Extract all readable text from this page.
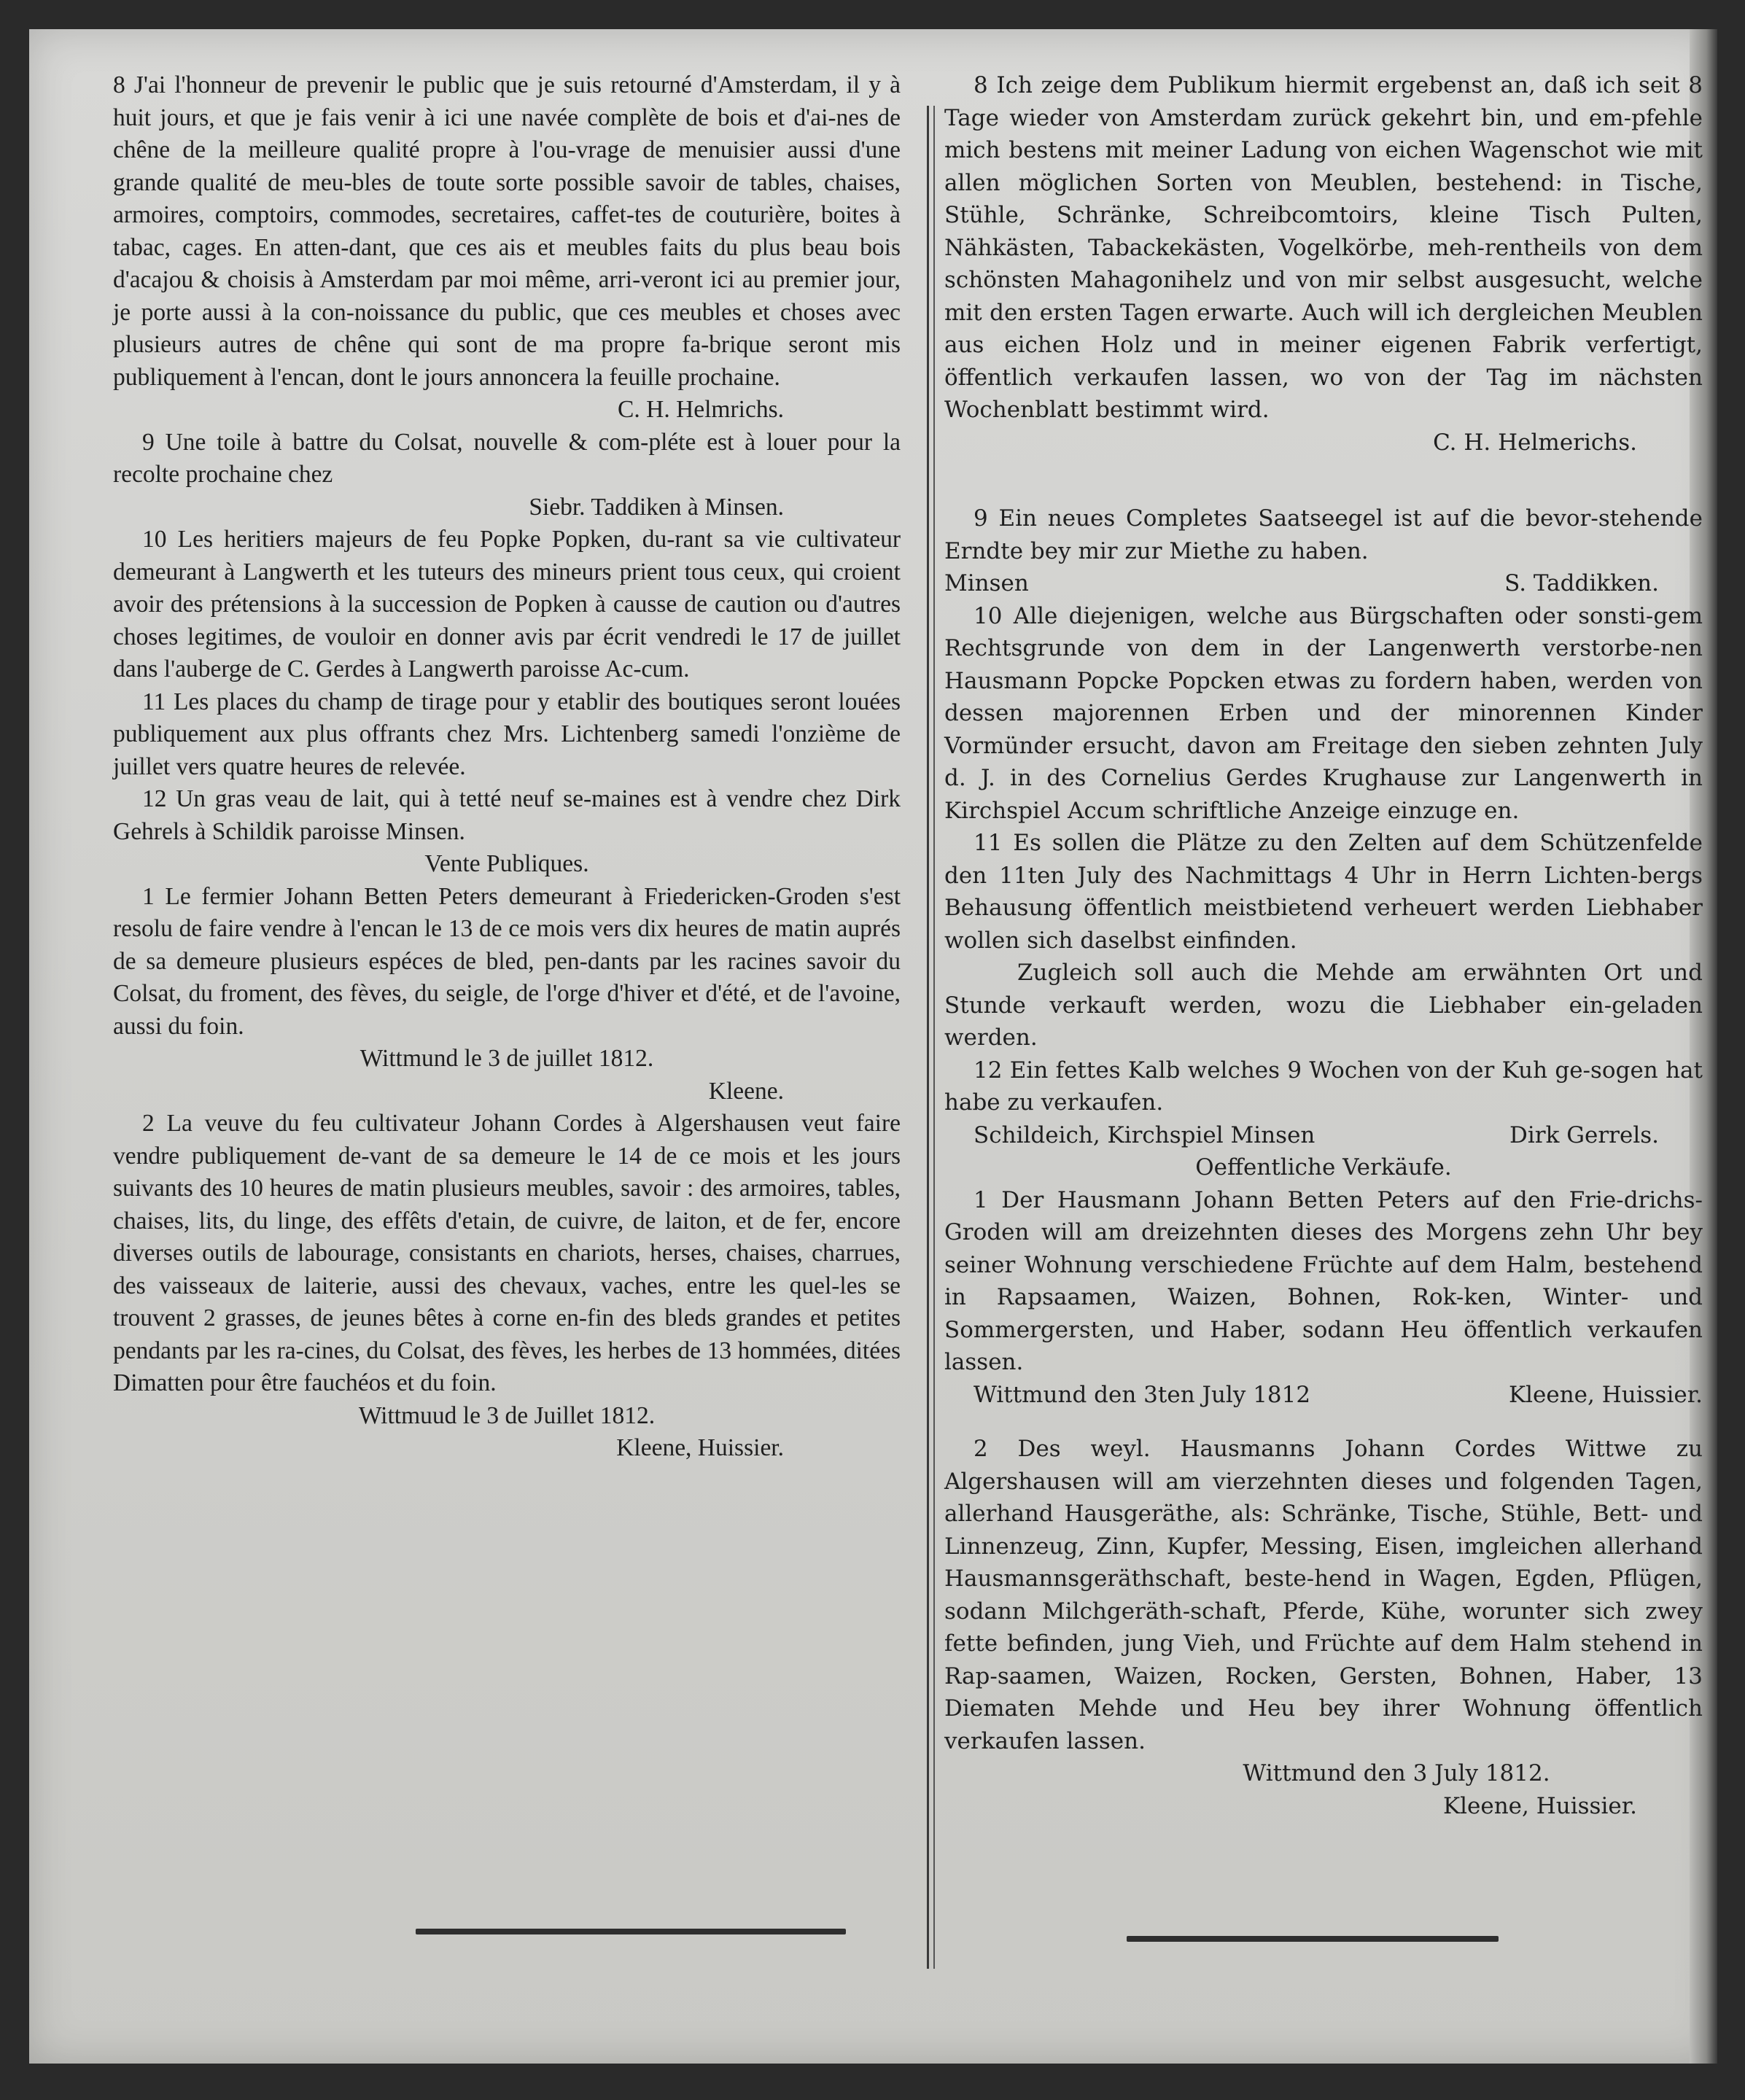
8 J'ai l'honneur de prevenir le public que je suis retourné d'Amsterdam, il y à huit jours, et que je fais venir à ici une navée complète de bois et d'ai-nes de chêne de la meilleure qualité propre à l'ou-vrage de menuisier aussi d'une grande qualité de meu-bles de toute sorte possible savoir de tables, chaises, armoires, comptoirs, commodes, secretaires, caffet-tes de couturière, boites à tabac, cages. En atten-dant, que ces ais et meubles faits du plus beau bois d'acajou & choisis à Amsterdam par moi même, arri-veront ici au premier jour, je porte aussi à la con-noissance du public, que ces meubles et choses avec plusieurs autres de chêne qui sont de ma propre fa-brique seront mis publiquement à l'encan, dont le jours annoncera la feuille prochaine.

C. H. Helmrichs.

9 Une toile à battre du Colsat, nouvelle & com-pléte est à louer pour la recolte prochaine chez

Siebr. Taddiken à Minsen.

10 Les heritiers majeurs de feu Popke Popken, du-rant sa vie cultivateur demeurant à Langwerth et les tuteurs des mineurs prient tous ceux, qui croient avoir des prétensions à la succession de Popken à causse de caution ou d'autres choses legitimes, de vouloir en donner avis par écrit vendredi le 17 de juillet dans l'auberge de C. Gerdes à Langwerth paroisse Ac-cum.

11 Les places du champ de tirage pour y etablir des boutiques seront louées publiquement aux plus offrants chez Mrs. Lichtenberg samedi l'onzième de juillet vers quatre heures de relevée.

12 Un gras veau de lait, qui à tetté neuf se-maines est à vendre chez Dirk Gehrels à Schildik paroisse Minsen.

Vente Publiques.

1 Le fermier Johann Betten Peters demeurant à Friedericken-Groden s'est resolu de faire vendre à l'encan le 13 de ce mois vers dix heures de matin auprés de sa demeure plusieurs espéces de bled, pen-dants par les racines savoir du Colsat, du froment, des fèves, du seigle, de l'orge d'hiver et d'été, et de l'avoine, aussi du foin.

Wittmund le 3 de juillet 1812.

Kleene.

2 La veuve du feu cultivateur Johann Cordes à Algershausen veut faire vendre publiquement de-vant de sa demeure le 14 de ce mois et les jours suivants des 10 heures de matin plusieurs meubles, savoir : des armoires, tables, chaises, lits, du linge, des effêts d'etain, de cuivre, de laiton, et de fer, encore diverses outils de labourage, consistants en chariots, herses, chaises, charrues, des vaisseaux de laiterie, aussi des chevaux, vaches, entre les quel-les se trouvent 2 grasses, de jeunes bêtes à corne en-fin des bleds grandes et petites pendants par les ra-cines, du Colsat, des fèves, les herbes de 13 hommées, ditées Dimatten pour être fauchéos et du foin.

Wittmuud le 3 de Juillet 1812.

Kleene, Huissier.

8 Ich zeige dem Publikum hiermit ergebenst an, daß ich seit 8 Tage wieder von Amsterdam zurück gekehrt bin, und em-pfehle mich bestens mit meiner Ladung von eichen Wagenschot wie mit allen möglichen Sorten von Meublen, bestehend: in Tische, Stühle, Schränke, Schreibcomtoirs, kleine Tisch Pulten, Nähkästen, Tabackekästen, Vogelkörbe, meh-rentheils von dem schönsten Mahagonihelz und von mir selbst ausgesucht, welche mit den ersten Tagen erwarte. Auch will ich dergleichen Meublen aus eichen Holz und in meiner eigenen Fabrik verfertigt, öffentlich verkaufen lassen, wo von der Tag im nächsten Wochenblatt bestimmt wird.

C. H. Helmerichs.

9 Ein neues Completes Saatseegel ist auf die bevor-stehende Erndte bey mir zur Miethe zu haben.

Minsen	S. Taddikken.

10 Alle diejenigen, welche aus Bürgschaften oder sonsti-gem Rechtsgrunde von dem in der Langenwerth verstorbe-nen Hausmann Popcke Popcken etwas zu fordern haben, werden von dessen majorennen Erben und der minorennen Kinder Vormünder ersucht, davon am Freitage den sieben zehnten July d. J. in des Cornelius Gerdes Krughause zur Langenwerth in Kirchspiel Accum schriftliche Anzeige einzuge en.

11 Es sollen die Plätze zu den Zelten auf dem Schützenfelde den 11ten July des Nachmittags 4 Uhr in Herrn Lichten-bergs Behausung öffentlich meistbietend verheuert werden Liebhaber wollen sich daselbst einfinden.

Zugleich soll auch die Mehde am erwähnten Ort und Stunde verkauft werden, wozu die Liebhaber ein-geladen werden.

12 Ein fettes Kalb welches 9 Wochen von der Kuh ge-sogen hat habe zu verkaufen.

Schildeich, Kirchspiel Minsen	Dirk Gerrels.

Oeffentliche Verkäufe.

1 Der Hausmann Johann Betten Peters auf den Frie-drichs-Groden will am dreizehnten dieses des Morgens zehn Uhr bey seiner Wohnung verschiedene Früchte auf dem Halm, bestehend in Rapsaamen, Waizen, Bohnen, Rok-ken, Winter- und Sommergersten, und Haber, sodann Heu öffentlich verkaufen lassen.

Wittmund den 3ten July 1812	Kleene, Huissier.

2 Des weyl. Hausmanns Johann Cordes Wittwe zu Algershausen will am vierzehnten dieses und folgenden Tagen, allerhand Hausgeräthe, als: Schränke, Tische, Stühle, Bett- und Linnenzeug, Zinn, Kupfer, Messing, Eisen, imgleichen allerhand Hausmannsgeräthschaft, beste-hend in Wagen, Egden, Pflügen, sodann Milchgeräth-schaft, Pferde, Kühe, worunter sich zwey fette befinden, jung Vieh, und Früchte auf dem Halm stehend in Rap-saamen, Waizen, Rocken, Gersten, Bohnen, Haber, 13 Diematen Mehde und Heu bey ihrer Wohnung öffentlich verkaufen lassen.

Wittmund den 3 July 1812.

Kleene, Huissier.
